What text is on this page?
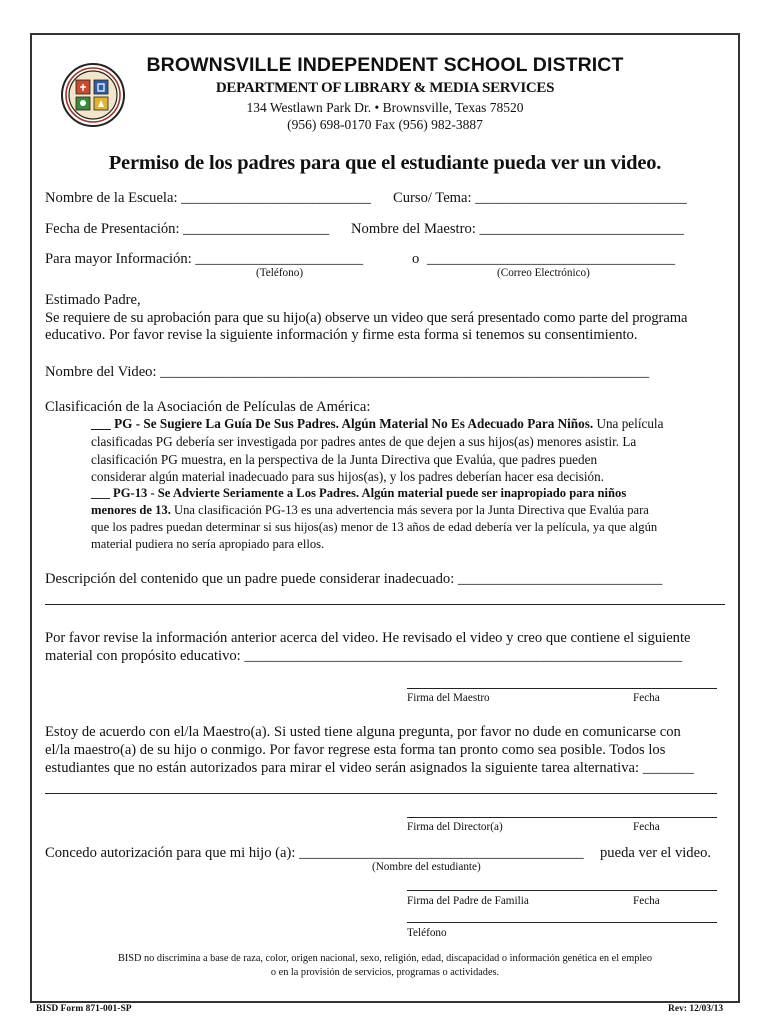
BROWNSVILLE INDEPENDENT SCHOOL DISTRICT
DEPARTMENT OF LIBRARY & MEDIA SERVICES
134 Westlawn Park Dr. • Brownsville, Texas 78520
(956) 698-0170 Fax (956) 982-3887
Permiso de los padres para que el estudiante pueda ver un video.
Nombre de la Escuela: __________________________ Curso/ Tema: _____________________________
Fecha de Presentación: ____________________ Nombre del Maestro: ____________________________
Para mayor Información: _______________________	o __________________________________
(Teléfono)	(Correo Electrónico)
Estimado Padre,
Se requiere de su aprobación para que su hijo(a) observe un video que será presentado como parte del programa
educativo. Por favor revise la siguiente información y firme esta forma si tenemos su consentimiento.
Nombre del Video: ___________________________________________________________________
Clasificación de la Asociación de Películas de América:
___ PG - Se Sugiere La Guía De Sus Padres. Algún Material No Es Adecuado Para Niños. Una película
clasificadas PG debería ser investigada por padres antes de que dejen a sus hijos(as) menores asistir. La
clasificación PG muestra, en la perspectiva de la Junta Directiva que Evalúa, que padres pueden
considerar algún material inadecuado para sus hijos(as), y los padres deberían hacer esa decisión.
___ PG-13 - Se Advierte Seriamente a Los Padres. Algún material puede ser inapropiado para niños
menores de 13. Una clasificación PG-13 es una advertencia más severa por la Junta Directiva que Evalúa para
que los padres puedan determinar si sus hijos(as) menor de 13 años de edad debería ver la película, ya que algún
material pudiera no sería apropiado para ellos.
Descripción del contenido que un padre puede considerar inadecuado: ____________________________
Por favor revise la información anterior acerca del video. He revisado el video y creo que contiene el siguiente
material con propósito educativo: ____________________________________________________________
Firma del Maestro	Fecha
Estoy de acuerdo con el/la Maestro(a). Si usted tiene alguna pregunta, por favor no dude en comunicarse con
el/la maestro(a) de su hijo o conmigo. Por favor regrese esta forma tan pronto como sea posible. Todos los
estudiantes que no están autorizados para mirar el video serán asignados la siguiente tarea alternativa: _______
Firma del Director(a)	Fecha
Concedo autorización para que mi hijo (a): _______________________________________ pueda ver el video.
(Nombre del estudiante)
Firma del Padre de Familia	Fecha
Teléfono
BISD no discrimina a base de raza, color, origen nacional, sexo, religión, edad, discapacidad o información genética en el empleo
o en la provisión de servicios, programas o actividades.
BISD Form 871-001-SP	Rev: 12/03/13
